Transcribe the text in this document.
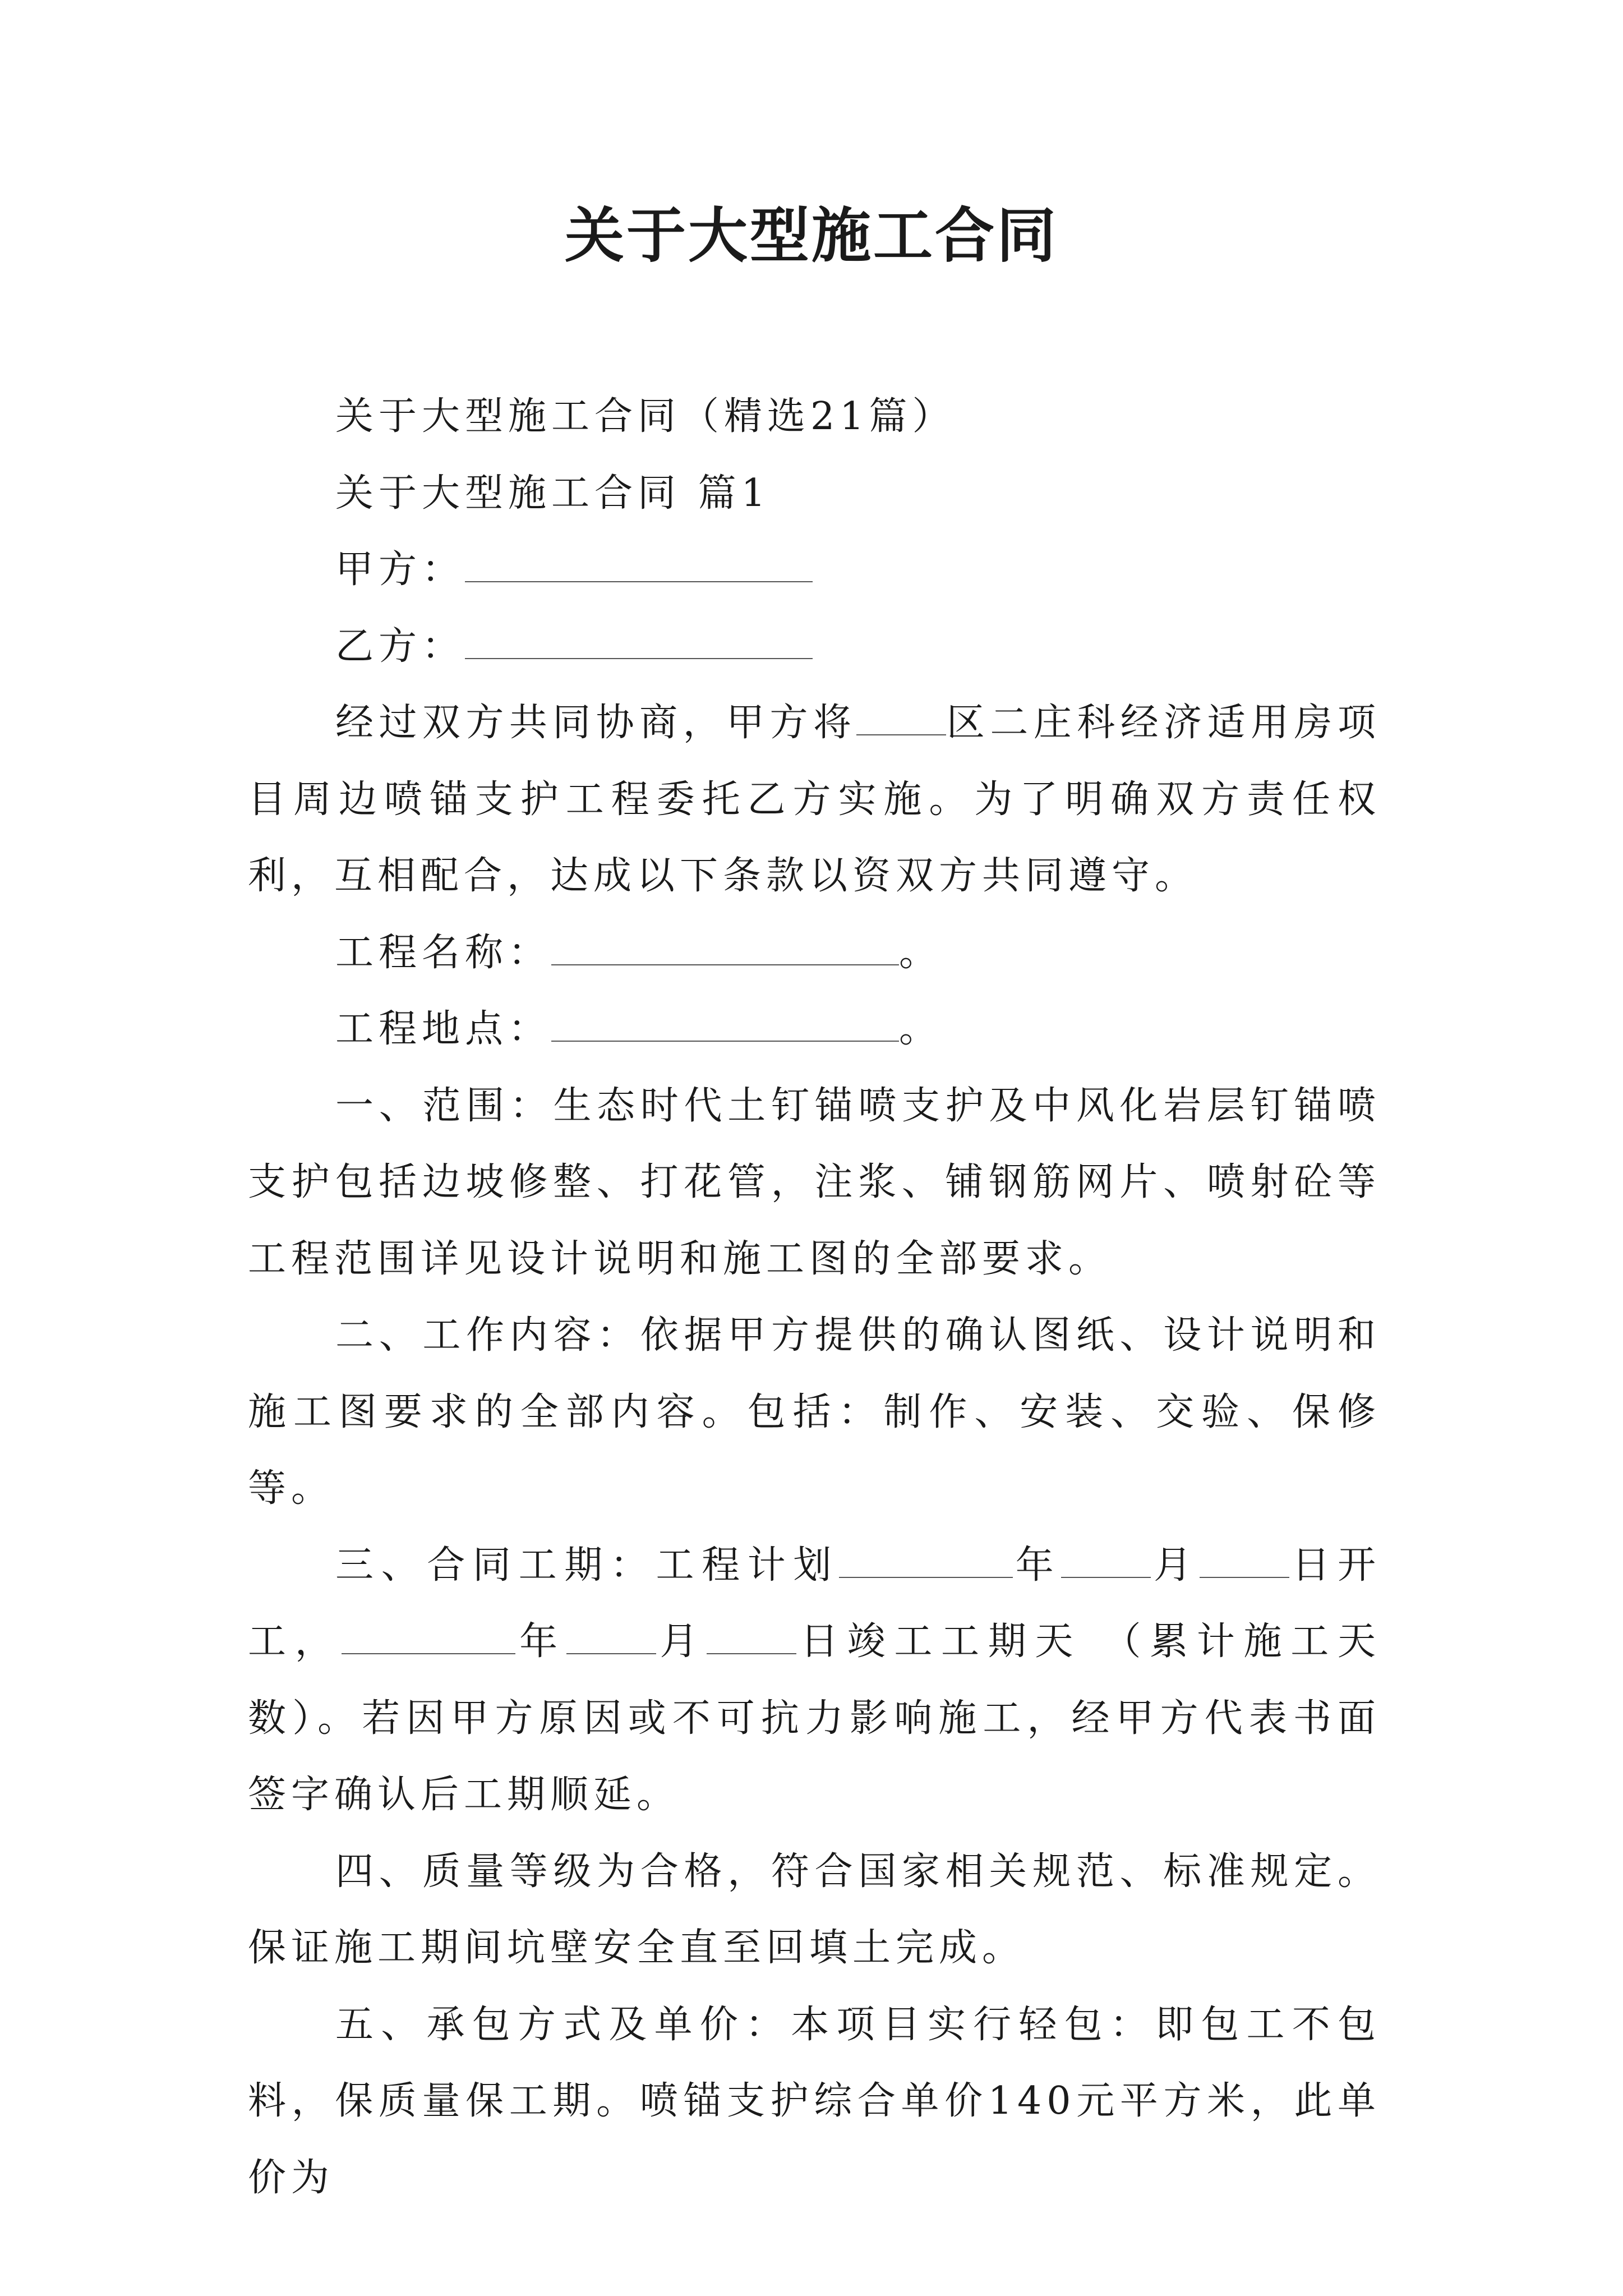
关于大型施工合同

关于大型施工合同（精选21篇）

关于大型施工合同 篇1

甲方：

乙方：

经过双方共同协商，甲方将 区二庄科经济适用房项目周边喷锚支护工程委托乙方实施。为了明确双方责任权利，互相配合，达成以下条款以资双方共同遵守。

工程名称：	。

工程地点：	。

一、范围：生态时代土钉锚喷支护及中风化岩层钉锚喷支护包括边坡修整、打花管，注浆、铺钢筋网片、喷射砼等工程范围详见设计说明和施工图的全部要求。

二、工作内容：依据甲方提供的确认图纸、设计说明和施工图要求的全部内容。包括：制作、安装、交验、保修等。

三、合同工期：工程计划	年 月 日开工，	年 月 日竣工工期天 （累计施工天数）。若因甲方原因或不可抗力影响施工，经甲方代表书面签字确认后工期顺延。

四、质量等级为合格，符合国家相关规范、标准规定。保证施工期间坑壁安全直至回填土完成。

五、承包方式及单价：本项目实行轻包：即包工不包料，保质量保工期。喷锚支护综合单价140元平方米，此单价为
